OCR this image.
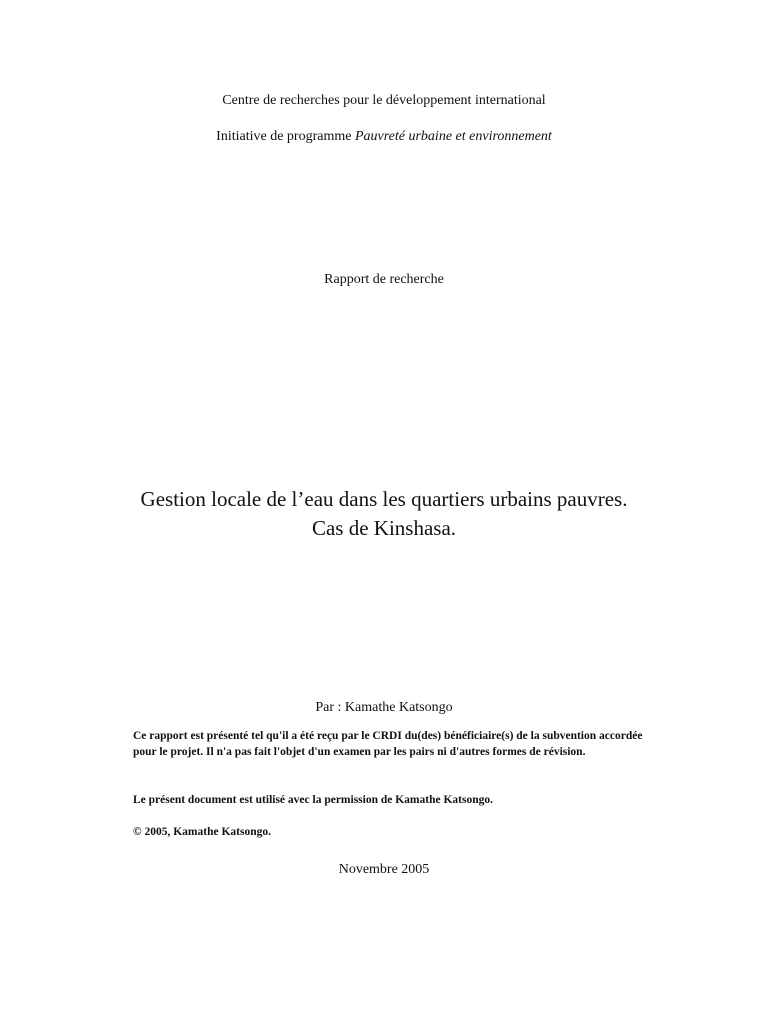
Centre de recherches pour le développement international
Initiative de programme Pauvreté urbaine et environnement
Rapport de recherche
Gestion locale de l’eau dans les quartiers urbains pauvres.
Cas de Kinshasa.
Par : Kamathe Katsongo
Ce rapport est présenté tel qu'il a été reçu par le CRDI du(des) bénéficiaire(s) de la subvention accordée pour le projet. Il n'a pas fait l'objet d'un examen par les pairs ni d'autres formes de révision.
Le présent document est utilisé avec la permission de Kamathe Katsongo.
© 2005, Kamathe Katsongo.
Novembre 2005
